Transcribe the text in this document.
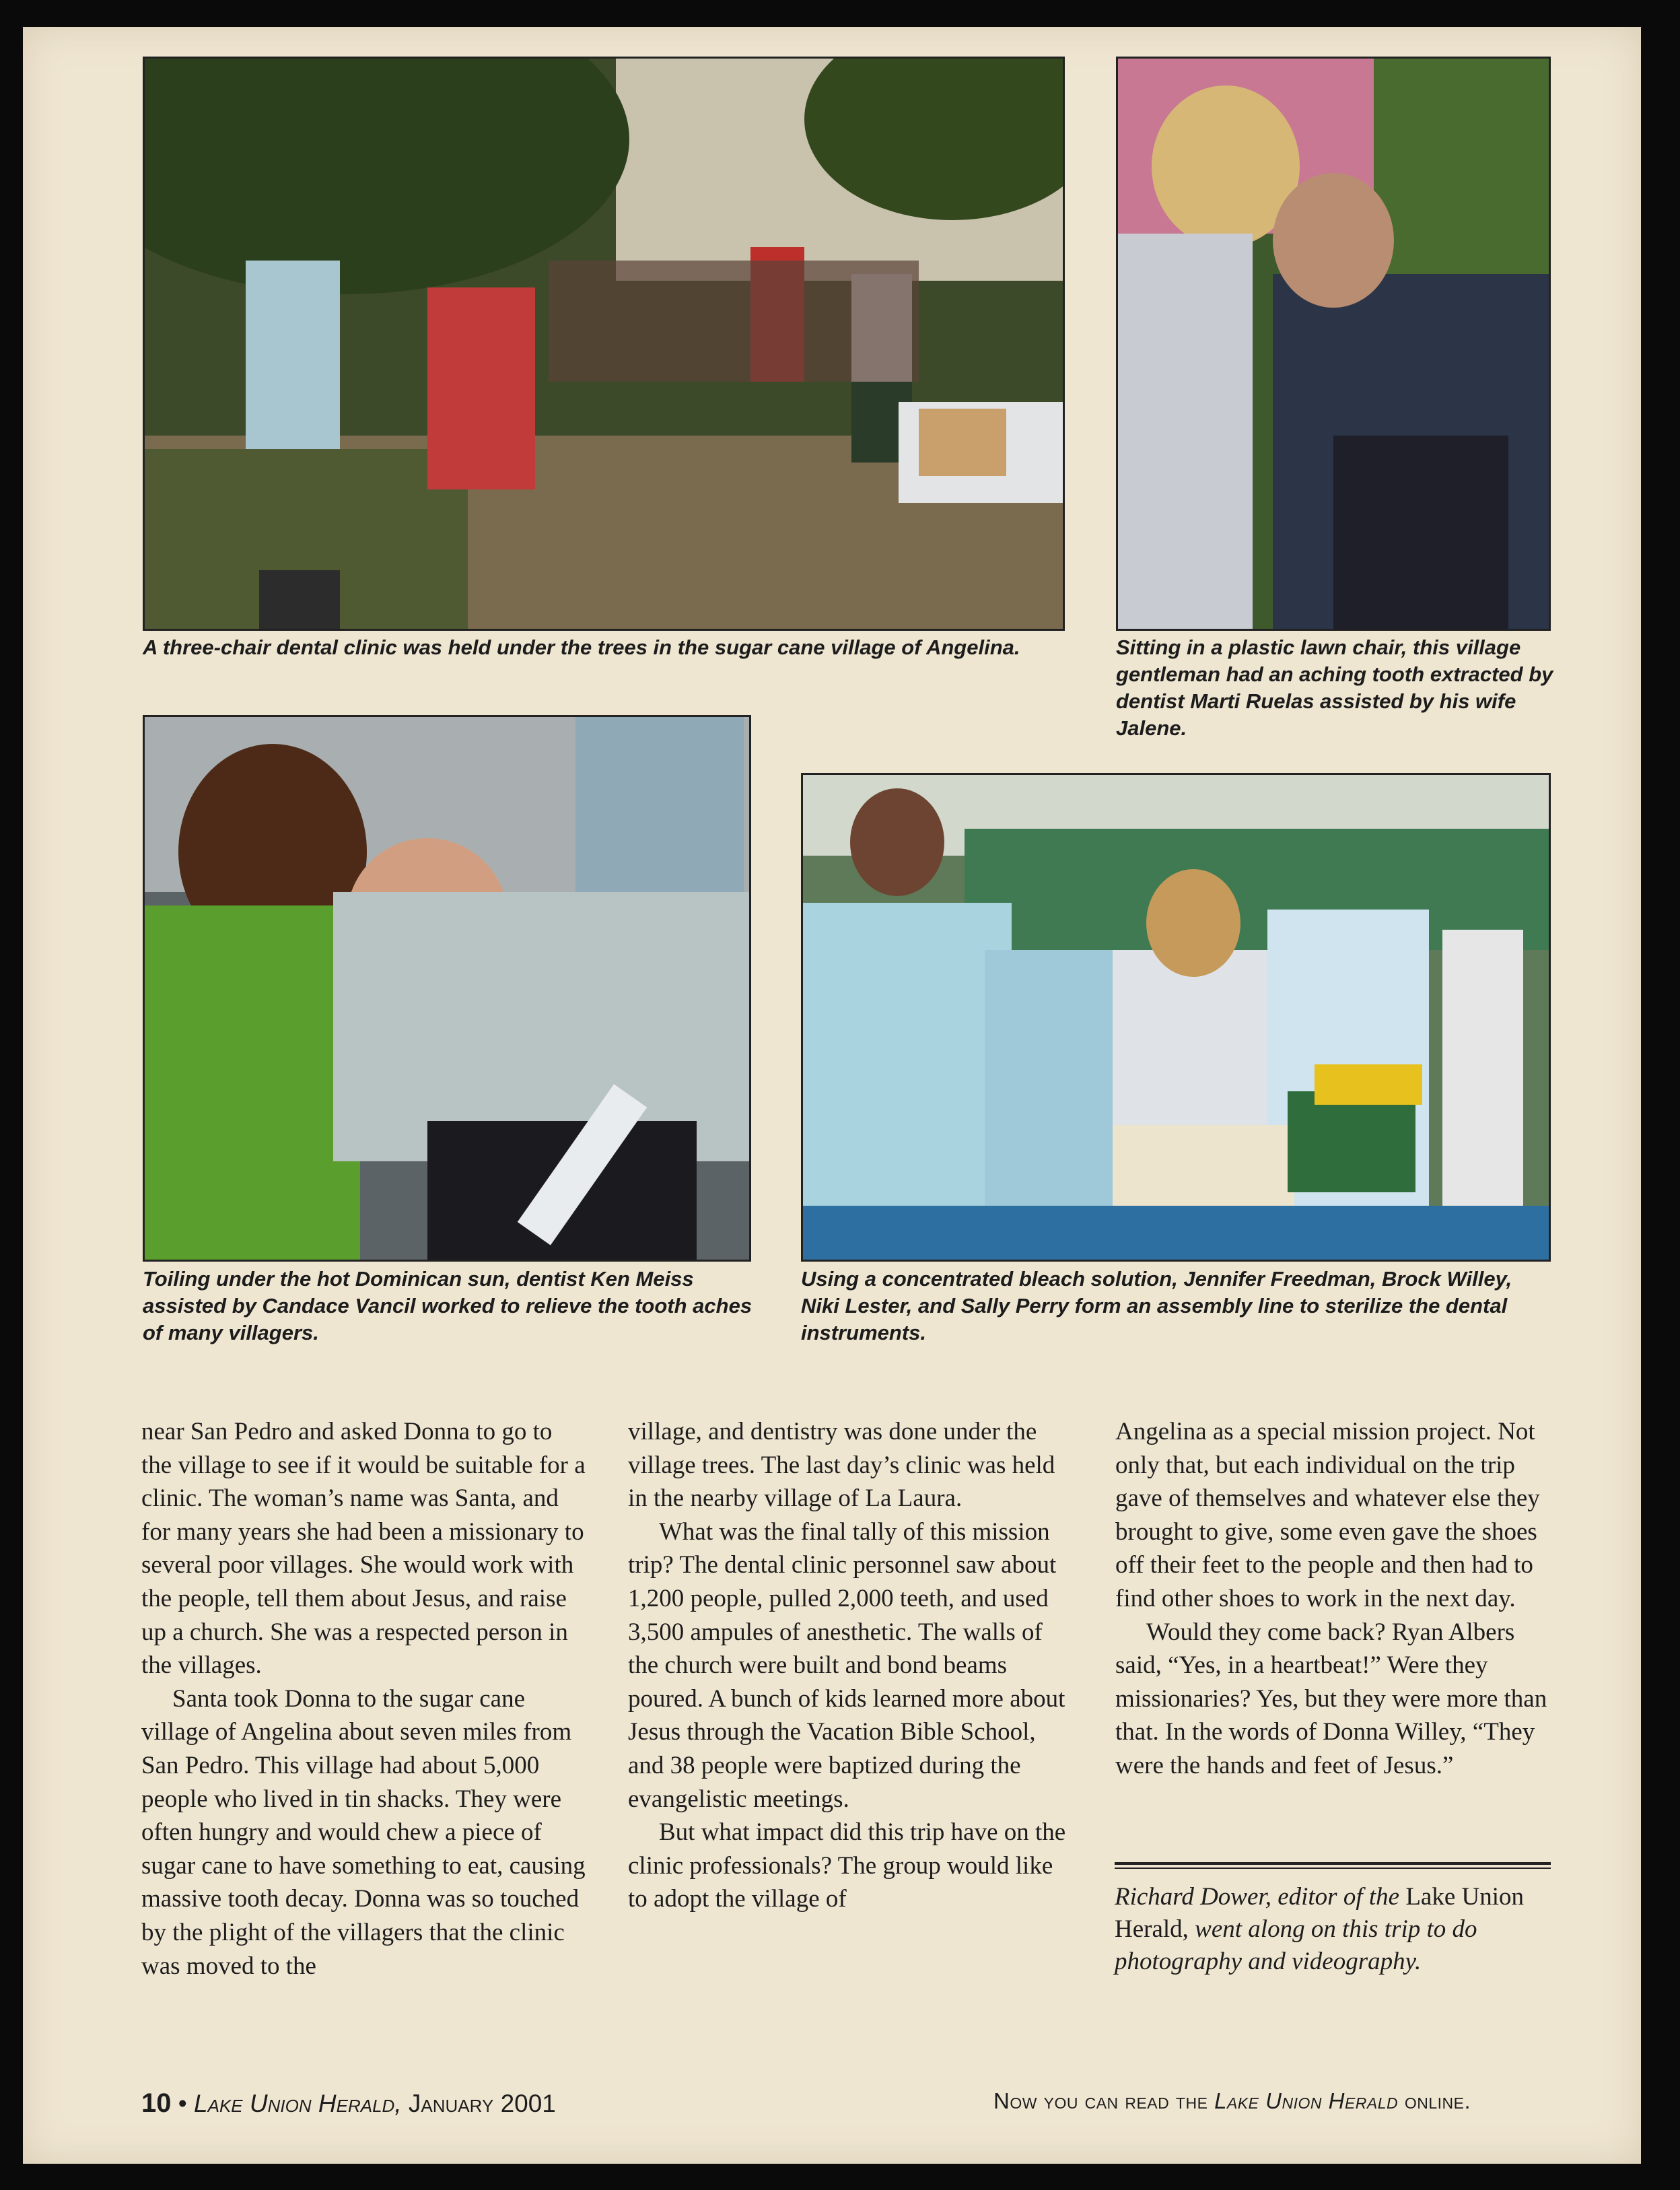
A three-chair dental clinic was held under the trees in the sugar cane village of Angelina.	Sitting in a plastic lawn chair, this village gentleman had an aching tooth extracted by dentist Marti Ruelas assisted by his wife Jalene.

Toiling under the hot Dominican sun, dentist Ken Meiss assisted by Candace Vancil worked to relieve the tooth aches of many villagers.

Using a concentrated bleach solution, Jennifer Freedman, Brock Willey, Niki Lester, and Sally Perry form an assembly line to sterilize the dental instruments.

near San Pedro and asked Donna to go to the village to see if it would be suitable for a clinic. The woman’s name was Santa, and for many years she had been a missionary to several poor villages. She would work with the people, tell them about Jesus, and raise up a church. She was a respected person in the villages.

Santa took Donna to the sugar cane village of Angelina about seven miles from San Pedro. This village had about 5,000 people who lived in tin shacks. They were often hungry and would chew a piece of sugar cane to have something to eat, causing massive tooth decay. Donna was so touched by the plight of the villagers that the clinic was moved to the

village, and dentistry was done under the village trees. The last day’s clinic was held in the nearby village of La Laura.

What was the final tally of this mission trip? The dental clinic personnel saw about 1,200 people, pulled 2,000 teeth, and used 3,500 ampules of anesthetic. The walls of the church were built and bond beams poured. A bunch of kids learned more about Jesus through the Vacation Bible School, and 38 people were baptized during the evangelistic meetings.

But what impact did this trip have on the clinic professionals? The group would like to adopt the village of

Angelina as a special mission project. Not only that, but each individual on the trip gave of themselves and whatever else they brought to give, some even gave the shoes off their feet to the people and then had to find other shoes to work in the next day.

Would they come back? Ryan Albers said, “Yes, in a heartbeat!” Were they missionaries? Yes, but they were more than that. In the words of Donna Willey, “They were the hands and feet of Jesus.”

Richard Dower, editor of the Lake Union Herald, went along on this trip to do photography and videography.
10 • Lake Union Herald, January 2001	Now you can read the Lake Union Herald online.
